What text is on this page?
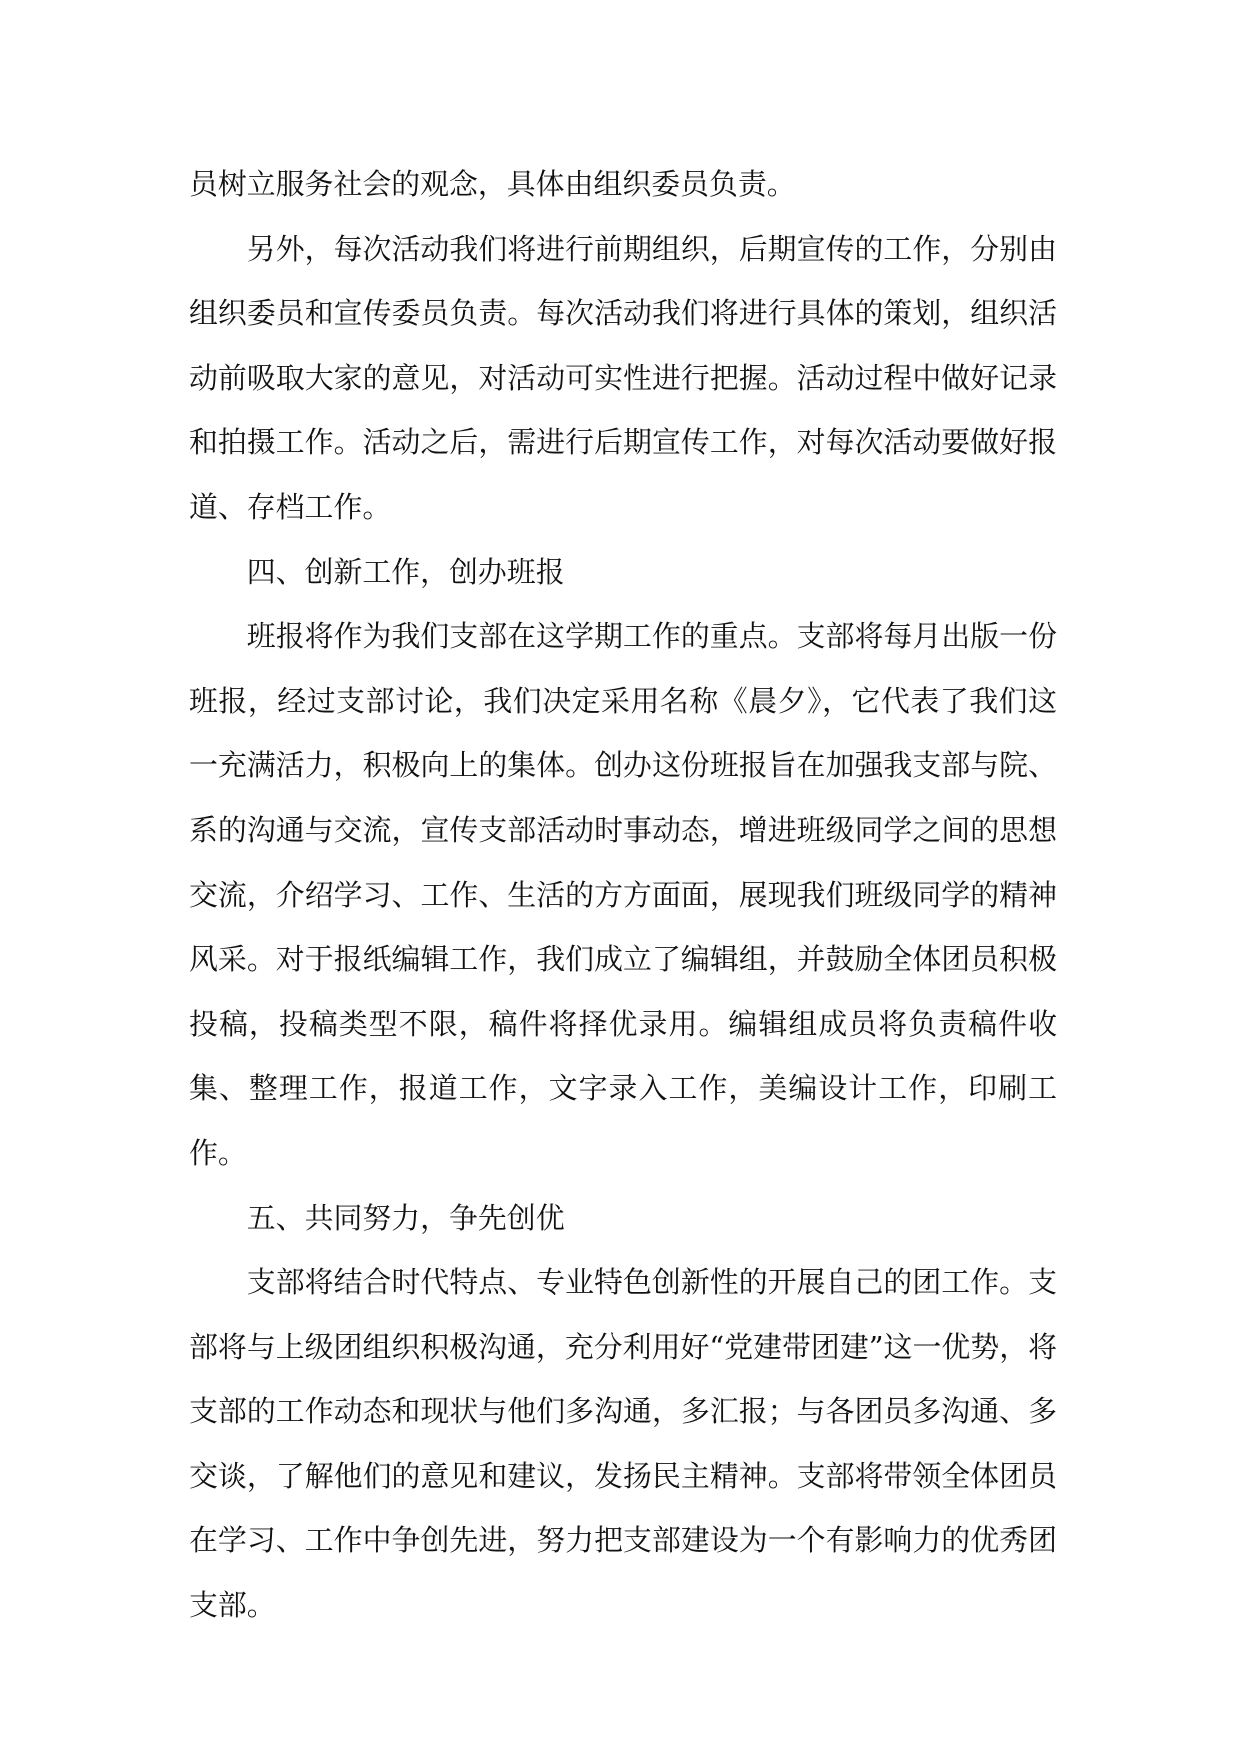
员树立服务社会的观念，具体由组织委员负责。

另外，每次活动我们将进行前期组织，后期宣传的工作，分别由组织委员和宣传委员负责。每次活动我们将进行具体的策划，组织活动前吸取大家的意见，对活动可实性进行把握。活动过程中做好记录和拍摄工作。活动之后，需进行后期宣传工作，对每次活动要做好报道、存档工作。

四、创新工作，创办班报

班报将作为我们支部在这学期工作的重点。支部将每月出版一份班报，经过支部讨论，我们决定采用名称《晨夕》，它代表了我们这一充满活力，积极向上的集体。创办这份班报旨在加强我支部与院、系的沟通与交流，宣传支部活动时事动态，增进班级同学之间的思想交流，介绍学习、工作、生活的方方面面，展现我们班级同学的精神风采。对于报纸编辑工作，我们成立了编辑组，并鼓励全体团员积极投稿，投稿类型不限，稿件将择优录用。编辑组成员将负责稿件收集、整理工作，报道工作，文字录入工作，美编设计工作，印刷工作。

五、共同努力，争先创优

支部将结合时代特点、专业特色创新性的开展自己的团工作。支部将与上级团组织积极沟通，充分利用好“党建带团建”这一优势，将支部的工作动态和现状与他们多沟通，多汇报；与各团员多沟通、多交谈，了解他们的意见和建议，发扬民主精神。支部将带领全体团员在学习、工作中争创先进，努力把支部建设为一个有影响力的优秀团支部。
